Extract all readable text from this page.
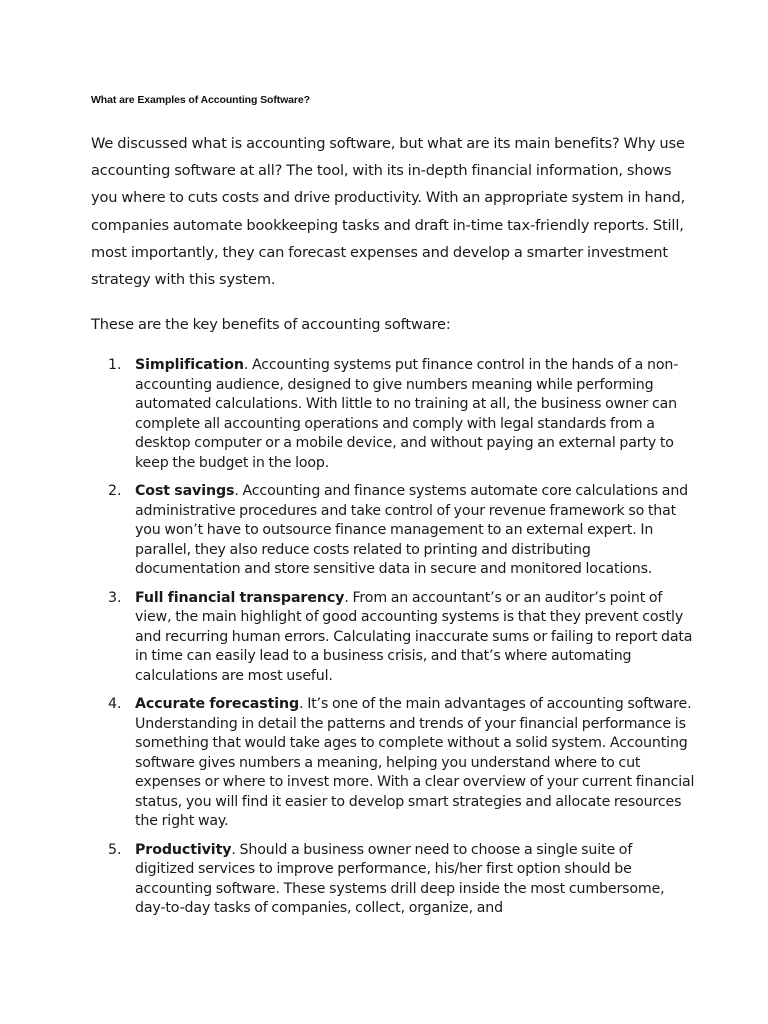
What are Examples of Accounting Software?

We discussed what is accounting software, but what are its main benefits? Why use accounting software at all? The tool, with its in-depth financial information, shows you where to cuts costs and drive productivity. With an appropriate system in hand, companies automate bookkeeping tasks and draft in-time tax-friendly reports. Still, most importantly, they can forecast expenses and develop a smarter investment strategy with this system.

These are the key benefits of accounting software:

1. Simplification. Accounting systems put finance control in the hands of a non-accounting audience, designed to give numbers meaning while performing automated calculations. With little to no training at all, the business owner can complete all accounting operations and comply with legal standards from a desktop computer or a mobile device, and without paying an external party to keep the budget in the loop.
2. Cost savings. Accounting and finance systems automate core calculations and administrative procedures and take control of your revenue framework so that you won’t have to outsource finance management to an external expert. In parallel, they also reduce costs related to printing and distributing documentation and store sensitive data in secure and monitored locations.
3. Full financial transparency. From an accountant’s or an auditor’s point of view, the main highlight of good accounting systems is that they prevent costly and recurring human errors. Calculating inaccurate sums or failing to report data in time can easily lead to a business crisis, and that’s where automating calculations are most useful.
4. Accurate forecasting. It’s one of the main advantages of accounting software. Understanding in detail the patterns and trends of your financial performance is something that would take ages to complete without a solid system. Accounting software gives numbers a meaning, helping you understand where to cut expenses or where to invest more. With a clear overview of your current financial status, you will find it easier to develop smart strategies and allocate resources the right way.
5. Productivity. Should a business owner need to choose a single suite of digitized services to improve performance, his/her first option should be accounting software. These systems drill deep inside the most cumbersome, day-to-day tasks of companies, collect, organize, and
